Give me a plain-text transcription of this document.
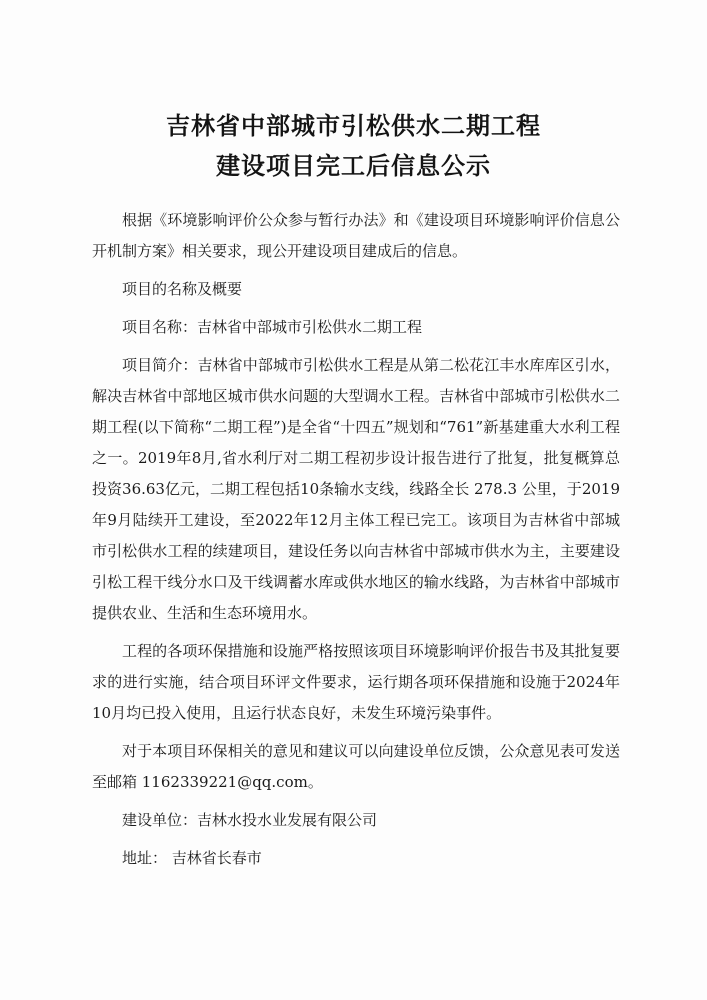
吉林省中部城市引松供水二期工程
建设项目完工后信息公示

根据《环境影响评价公众参与暂行办法》和《建设项目环境影响评价信息公开机制方案》相关要求，现公开建设项目建成后的信息。

项目的名称及概要

项目名称：吉林省中部城市引松供水二期工程

项目简介：吉林省中部城市引松供水工程是从第二松花江丰水库库区引水，解决吉林省中部地区城市供水问题的大型调水工程。吉林省中部城市引松供水二期工程(以下简称“二期工程”)是全省“十四五”规划和“761”新基建重大水利工程之一。2019年8月,省水利厅对二期工程初步设计报告进行了批复，批复概算总投资36.63亿元，二期工程包括10条输水支线，线路全长 278.3 公里，于2019年9月陆续开工建设，至2022年12月主体工程已完工。该项目为吉林省中部城市引松供水工程的续建项目，建设任务以向吉林省中部城市供水为主，主要建设引松工程干线分水口及干线调蓄水库或供水地区的输水线路，为吉林省中部城市提供农业、生活和生态环境用水。

工程的各项环保措施和设施严格按照该项目环境影响评价报告书及其批复要求的进行实施，结合项目环评文件要求，运行期各项环保措施和设施于2024年10月均已投入使用，且运行状态良好，未发生环境污染事件。

对于本项目环保相关的意见和建议可以向建设单位反馈，公众意见表可发送至邮箱 1162339221@qq.com。

建设单位：吉林水投水业发展有限公司

地址： 吉林省长春市
